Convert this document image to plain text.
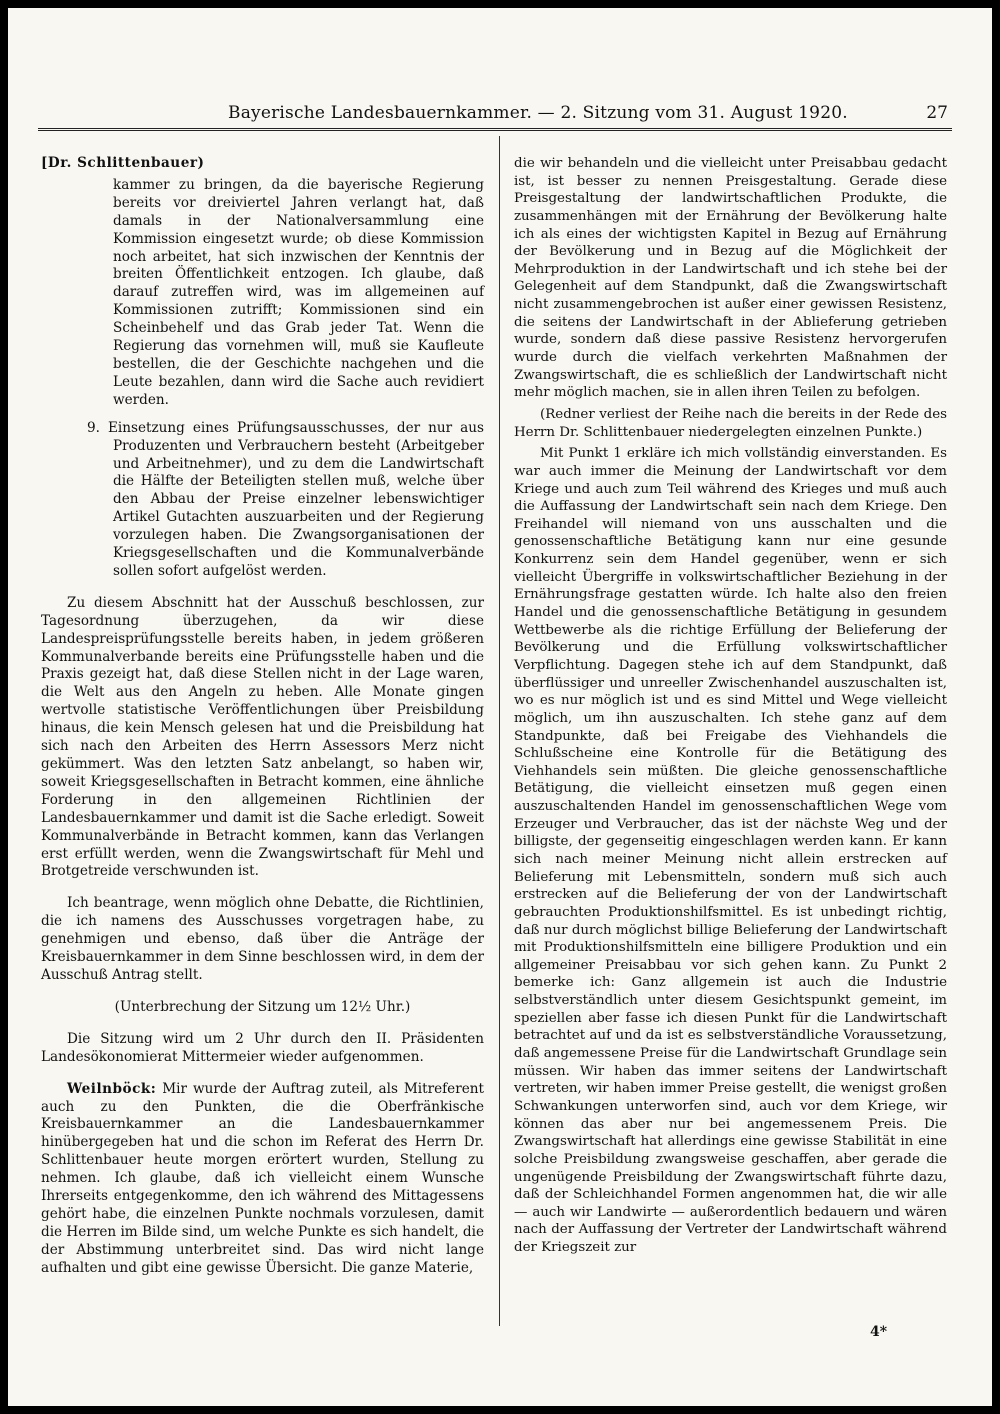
Bayerische Landesbauernkammer. — 2. Sitzung vom 31. August 1920.	27

[Dr. Schlittenbauer)

kammer zu bringen, da die bayerische Regierung bereits vor dreiviertel Jahren verlangt hat, daß damals in der Nationalversammlung eine Kommission eingesetzt wurde; ob diese Kommission noch arbeitet, hat sich inzwischen der Kenntnis der breiten Öffentlichkeit entzogen. Ich glaube, daß darauf zutreffen wird, was im allgemeinen auf Kommissionen zutrifft; Kommissionen sind ein Scheinbehelf und das Grab jeder Tat. Wenn die Regierung das vornehmen will, muß sie Kaufleute bestellen, die der Geschichte nachgehen und die Leute bezahlen, dann wird die Sache auch revidiert werden.

9. Einsetzung eines Prüfungsausschusses, der nur aus Produzenten und Verbrauchern besteht (Arbeitgeber und Arbeitnehmer), und zu dem die Landwirtschaft die Hälfte der Beteiligten stellen muß, welche über den Abbau der Preise einzelner lebenswichtiger Artikel Gutachten auszuarbeiten und der Regierung vorzulegen haben. Die Zwangsorganisationen der Kriegsgesellschaften und die Kommunalverbände sollen sofort aufgelöst werden.

Zu diesem Abschnitt hat der Ausschuß beschlossen, zur Tagesordnung überzugehen, da wir diese Landespreisprüfungsstelle bereits haben, in jedem größeren Kommunalverbande bereits eine Prüfungsstelle haben und die Praxis gezeigt hat, daß diese Stellen nicht in der Lage waren, die Welt aus den Angeln zu heben. Alle Monate gingen wertvolle statistische Veröffentlichungen über Preisbildung hinaus, die kein Mensch gelesen hat und die Preisbildung hat sich nach den Arbeiten des Herrn Assessors Merz nicht gekümmert. Was den letzten Satz anbelangt, so haben wir, soweit Kriegsgesellschaften in Betracht kommen, eine ähnliche Forderung in den allgemeinen Richtlinien der Landesbauernkammer und damit ist die Sache erledigt. Soweit Kommunalverbände in Betracht kommen, kann das Verlangen erst erfüllt werden, wenn die Zwangswirtschaft für Mehl und Brotgetreide verschwunden ist.

Ich beantrage, wenn möglich ohne Debatte, die Richtlinien, die ich namens des Ausschusses vorgetragen habe, zu genehmigen und ebenso, daß über die Anträge der Kreisbauernkammer in dem Sinne beschlossen wird, in dem der Ausschuß Antrag stellt.

(Unterbrechung der Sitzung um 12½ Uhr.)

Die Sitzung wird um 2 Uhr durch den II. Präsidenten Landesökonomierat Mittermeier wieder aufgenommen.

Weilnböck: Mir wurde der Auftrag zuteil, als Mitreferent auch zu den Punkten, die die Oberfränkische Kreisbauernkammer an die Landesbauernkammer hinübergegeben hat und die schon im Referat des Herrn Dr. Schlittenbauer heute morgen erörtert wurden, Stellung zu nehmen. Ich glaube, daß ich vielleicht einem Wunsche Ihrerseits entgegenkomme, den ich während des Mittagessens gehört habe, die einzelnen Punkte nochmals vorzulesen, damit die Herren im Bilde sind, um welche Punkte es sich handelt, die der Abstimmung unterbreitet sind. Das wird nicht lange aufhalten und gibt eine gewisse Übersicht. Die ganze Materie,

die wir behandeln und die vielleicht unter Preisabbau gedacht ist, ist besser zu nennen Preisgestaltung. Gerade diese Preisgestaltung der landwirtschaftlichen Produkte, die zusammenhängen mit der Ernährung der Bevölkerung halte ich als eines der wichtigsten Kapitel in Bezug auf Ernährung der Bevölkerung und in Bezug auf die Möglichkeit der Mehrproduktion in der Landwirtschaft und ich stehe bei der Gelegenheit auf dem Standpunkt, daß die Zwangswirtschaft nicht zusammengebrochen ist außer einer gewissen Resistenz, die seitens der Landwirtschaft in der Ablieferung getrieben wurde, sondern daß diese passive Resistenz hervorgerufen wurde durch die vielfach verkehrten Maßnahmen der Zwangswirtschaft, die es schließlich der Landwirtschaft nicht mehr möglich machen, sie in allen ihren Teilen zu befolgen.

(Redner verliest der Reihe nach die bereits in der Rede des Herrn Dr. Schlittenbauer niedergelegten einzelnen Punkte.)

Mit Punkt 1 erkläre ich mich vollständig einverstanden. Es war auch immer die Meinung der Landwirtschaft vor dem Kriege und auch zum Teil während des Krieges und muß auch die Auffassung der Landwirtschaft sein nach dem Kriege. Den Freihandel will niemand von uns ausschalten und die genossenschaftliche Betätigung kann nur eine gesunde Konkurrenz sein dem Handel gegenüber, wenn er sich vielleicht Übergriffe in volkswirtschaftlicher Beziehung in der Ernährungsfrage gestatten würde. Ich halte also den freien Handel und die genossenschaftliche Betätigung in gesundem Wettbewerbe als die richtige Erfüllung der Belieferung der Bevölkerung und die Erfüllung volkswirtschaftlicher Verpflichtung. Dagegen stehe ich auf dem Standpunkt, daß überflüssiger und unreeller Zwischenhandel auszuschalten ist, wo es nur möglich ist und es sind Mittel und Wege vielleicht möglich, um ihn auszuschalten. Ich stehe ganz auf dem Standpunkte, daß bei Freigabe des Viehhandels die Schlußscheine eine Kontrolle für die Betätigung des Viehhandels sein müßten. Die gleiche genossenschaftliche Betätigung, die vielleicht einsetzen muß gegen einen auszuschaltenden Handel im genossenschaftlichen Wege vom Erzeuger und Verbraucher, das ist der nächste Weg und der billigste, der gegenseitig eingeschlagen werden kann. Er kann sich nach meiner Meinung nicht allein erstrecken auf Belieferung mit Lebensmitteln, sondern muß sich auch erstrecken auf die Belieferung der von der Landwirtschaft gebrauchten Produktionshilfsmittel. Es ist unbedingt richtig, daß nur durch möglichst billige Belieferung der Landwirtschaft mit Produktionshilfsmitteln eine billigere Produktion und ein allgemeiner Preisabbau vor sich gehen kann. Zu Punkt 2 bemerke ich: Ganz allgemein ist auch die Industrie selbstverständlich unter diesem Gesichtspunkt gemeint, im speziellen aber fasse ich diesen Punkt für die Landwirtschaft betrachtet auf und da ist es selbstverständliche Voraussetzung, daß angemessene Preise für die Landwirtschaft Grundlage sein müssen. Wir haben das immer seitens der Landwirtschaft vertreten, wir haben immer Preise gestellt, die wenigst großen Schwankungen unterworfen sind, auch vor dem Kriege, wir können das aber nur bei angemessenem Preis. Die Zwangswirtschaft hat allerdings eine gewisse Stabilität in eine solche Preisbildung zwangsweise geschaffen, aber gerade die ungenügende Preisbildung der Zwangswirtschaft führte dazu, daß der Schleichhandel Formen angenommen hat, die wir alle — auch wir Landwirte — außerordentlich bedauern und wären nach der Auffassung der Vertreter der Landwirtschaft während der Kriegszeit zur

4*
